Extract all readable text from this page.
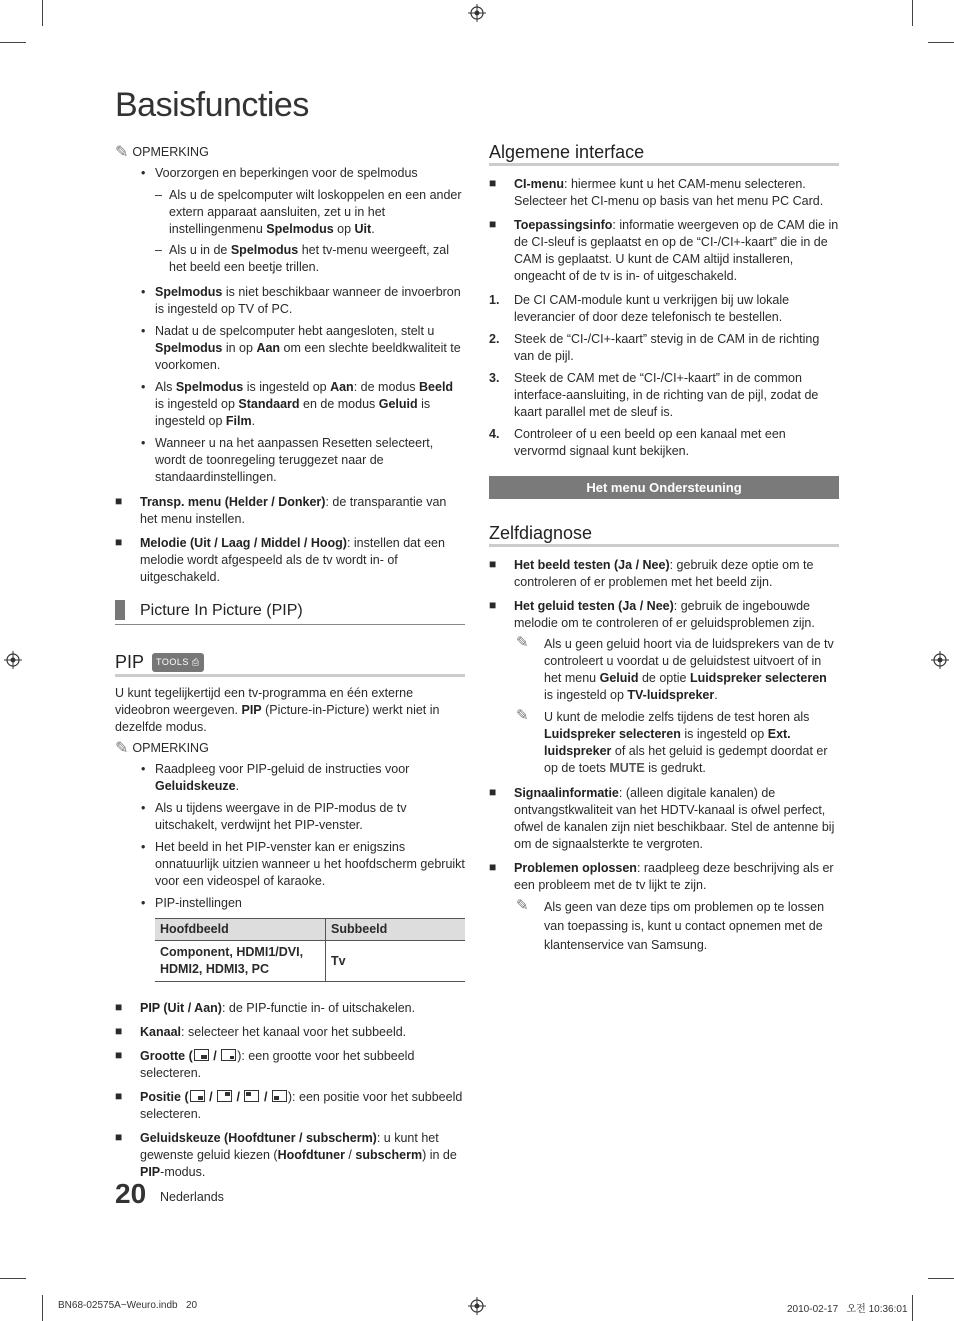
Basisfuncties
✎ OPMERKING
• Voorzorgen en beperkingen voor de spelmodus
– Als u de spelcomputer wilt loskoppelen en een ander extern apparaat aansluiten, zet u in het instellingenmenu Spelmodus op Uit.
– Als u in de Spelmodus het tv-menu weergeeft, zal het beeld een beetje trillen.
• Spelmodus is niet beschikbaar wanneer de invoerbron is ingesteld op TV of PC.
• Nadat u de spelcomputer hebt aangesloten, stelt u Spelmodus in op Aan om een slechte beeldkwaliteit te voorkomen.
• Als Spelmodus is ingesteld op Aan: de modus Beeld is ingesteld op Standaard en de modus Geluid is ingesteld op Film.
• Wanneer u na het aanpassen Resetten selecteert, wordt de toonregeling teruggezet naar de standaardinstellingen.
■ Transp. menu (Helder / Donker): de transparantie van het menu instellen.
■ Melodie (Uit / Laag / Middel / Hoog): instellen dat een melodie wordt afgespeeld als de tv wordt in- of uitgeschakeld.
Picture In Picture (PIP)
PIP	TOOLS ⎙
U kunt tegelijkertijd een tv-programma en één externe videobron weergeven. PIP (Picture-in-Picture) werkt niet in dezelfde modus.
✎ OPMERKING
• Raadpleeg voor PIP-geluid de instructies voor Geluidskeuze.
• Als u tijdens weergave in de PIP-modus de tv uitschakelt, verdwijnt het PIP-venster.
• Het beeld in het PIP-venster kan er enigszins onnatuurlijk uitzien wanneer u het hoofdscherm gebruikt voor een videospel of karaoke.
• PIP-instellingen
Hoofdbeeld	Subbeeld
Component, HDMI1/DVI, HDMI2, HDMI3, PC	Tv
■ PIP (Uit / Aan): de PIP-functie in- of uitschakelen.
■ Kanaal: selecteer het kanaal voor het subbeeld.
■ Grootte (
/
): een grootte voor het subbeeld selecteren.
■ Positie (
/
/
/
): een positie voor het subbeeld selecteren.
■ Geluidskeuze (Hoofdtuner / subscherm): u kunt het gewenste geluid kiezen (Hoofdtuner / subscherm) in de PIP-modus.
Algemene interface
■ CI-menu: hiermee kunt u het CAM-menu selecteren. Selecteer het CI-menu op basis van het menu PC Card.
■ Toepassingsinfo: informatie weergeven op de CAM die in de CI-sleuf is geplaatst en op de “CI-/CI+-kaart” die in de CAM is geplaatst. U kunt de CAM altijd installeren, ongeacht of de tv is in- of uitgeschakeld.
1. De CI CAM-module kunt u verkrijgen bij uw lokale leverancier of door deze telefonisch te bestellen.
2. Steek de “CI-/CI+-kaart” stevig in de CAM in de richting van de pijl.
3. Steek de CAM met de “CI-/CI+-kaart” in de common interface-aansluiting, in de richting van de pijl, zodat de kaart parallel met de sleuf is.
4. Controleer of u een beeld op een kanaal met een vervormd signaal kunt bekijken.
Het menu Ondersteuning
Zelfdiagnose
■ Het beeld testen (Ja / Nee): gebruik deze optie om te controleren of er problemen met het beeld zijn.
■ Het geluid testen (Ja / Nee): gebruik de ingebouwde melodie om te controleren of er geluidsproblemen zijn.
✎ Als u geen geluid hoort via de luidsprekers van de tv controleert u voordat u de geluidstest uitvoert of in het menu Geluid de optie Luidspreker selecteren is ingesteld op TV-luidspreker.
✎ U kunt de melodie zelfs tijdens de test horen als Luidspreker selecteren is ingesteld op Ext. luidspreker of als het geluid is gedempt doordat er op de toets MUTE is gedrukt.
■ Signaalinformatie: (alleen digitale kanalen) de ontvangstkwaliteit van het HDTV-kanaal is ofwel perfect, ofwel de kanalen zijn niet beschikbaar. Stel de antenne bij om de signaalsterkte te vergroten.
■ Problemen oplossen: raadpleeg deze beschrijving als er een probleem met de tv lijkt te zijn.
✎ Als geen van deze tips om problemen op te lossen van toepassing is, kunt u contact opnemen met de klantenservice van Samsung.
20 Nederlands
BN68-02575A~Weuro.indb   20	2010-02-17   오전 10:36:01
